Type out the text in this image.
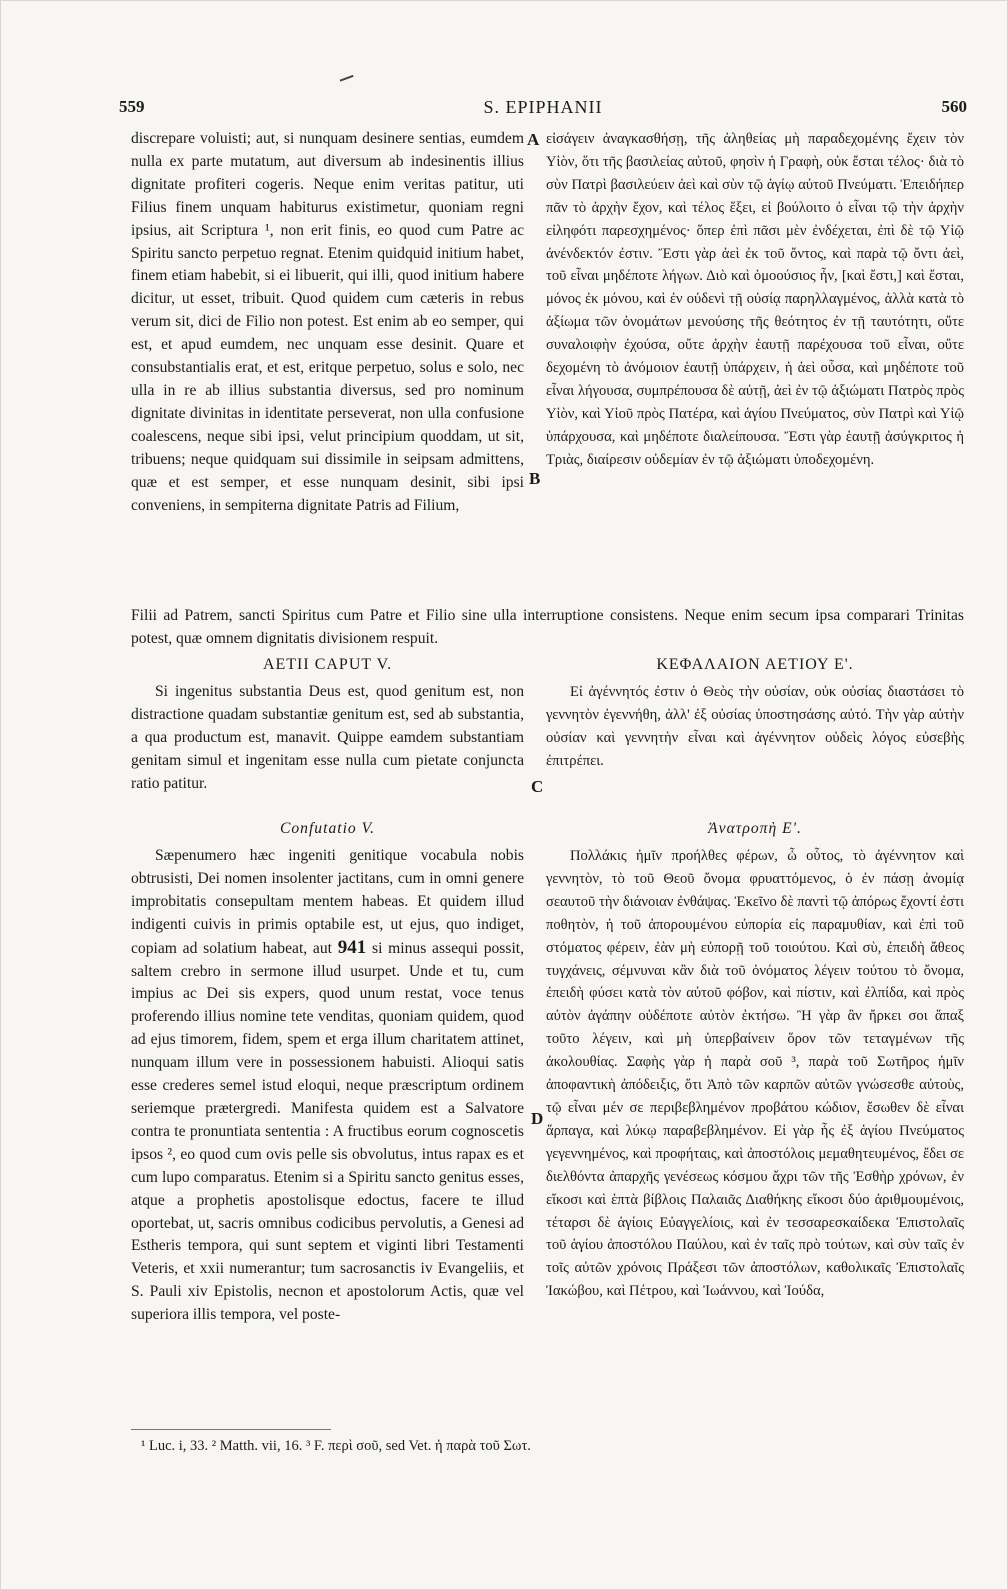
559	S. EPIPHANII	560

discrepare voluisti; aut, si nunquam desinere sentias, eumdem nulla ex parte mutatum, aut diversum ab indesinentis illius dignitate profiteri cogeris. Neque enim veritas patitur, uti Filius finem unquam habiturus existimetur, quoniam regni ipsius, ait Scriptura ¹, non erit finis, eo quod cum Patre ac Spiritu sancto perpetuo regnat. Etenim quidquid initium habet, finem etiam habebit, si ei libuerit, qui illi, quod initium habere dicitur, ut esset, tribuit. Quod quidem cum cæteris in rebus verum sit, dici de Filio non potest. Est enim ab eo semper, qui est, et apud eumdem, nec unquam esse desinit. Quare et consubstantialis erat, et est, eritque perpetuo, solus e solo, nec ulla in re ab illius substantia diversus, sed pro nominum dignitate divinitas in identitate perseverat, non ulla confusione coalescens, neque sibi ipsi, velut principium quoddam, ut sit, tribuens; neque quidquam sui dissimile in seipsam admittens, quæ et est semper, et esse nunquam desinit, sibi ipsi conveniens, in sempiterna dignitate Patris ad Filium,

εἰσάγειν ἀναγκασθήσῃ, τῆς ἀληθείας μὴ παραδεχομένης ἔχειν τὸν Υἱὸν, ὅτι τῆς βασιλείας αὐτοῦ, φησὶν ἡ Γραφὴ, οὐκ ἔσται τέλος· διὰ τὸ σὺν Πατρὶ βασιλεύειν ἀεὶ καὶ σὺν τῷ ἁγίῳ αὐτοῦ Πνεύματι. Ἐπειδήπερ πᾶν τὸ ἀρχὴν ἔχον, καὶ τέλος ἕξει, εἰ βούλοιτο ὁ εἶναι τῷ τὴν ἀρχὴν εἰληφότι παρεσχημένος· ὅπερ ἐπὶ πᾶσι μὲν ἐνδέχεται, ἐπὶ δὲ τῷ Υἱῷ ἀνένδεκτόν ἐστιν. Ἔστι γὰρ ἀεὶ ἐκ τοῦ ὄντος, καὶ παρὰ τῷ ὄντι ἀεὶ, τοῦ εἶναι μηδέποτε λήγων. Διὸ καὶ ὁμοούσιος ἦν, [καὶ ἔστι,] καὶ ἔσται, μόνος ἐκ μόνου, καὶ ἐν οὐδενὶ τῇ οὐσίᾳ παρηλλαγμένος, ἀλλὰ κατὰ τὸ ἀξίωμα τῶν ὀνομάτων μενούσης τῆς θεότητος ἐν τῇ ταυτότητι, οὔτε συναλοιφὴν ἐχούσα, οὔτε ἀρχὴν ἑαυτῇ παρέχουσα τοῦ εἶναι, οὔτε δεχομένη τὸ ἀνόμοιον ἑαυτῇ ὑπάρχειν, ἡ ἀεὶ οὖσα, καὶ μηδέποτε τοῦ εἶναι λήγουσα, συμπρέπουσα δὲ αὐτῇ, ἀεὶ ἐν τῷ ἀξιώματι Πατρὸς πρὸς Υἱὸν, καὶ Υἱοῦ πρὸς Πατέρα, καὶ ἁγίου Πνεύματος, σὺν Πατρὶ καὶ Υἱῷ ὑπάρχουσα, καὶ μηδέποτε διαλείπουσα. Ἔστι γὰρ ἑαυτῇ ἀσύγκριτος ἡ Τριὰς, διαίρεσιν οὐδεμίαν ἐν τῷ ἀξιώματι ὑποδεχομένη.

A
B

Filii ad Patrem, sancti Spiritus cum Patre et Filio sine ulla interruptione consistens. Neque enim secum ipsa comparari Trinitas potest, quæ omnem dignitatis divisionem respuit.

AETII CAPUT V.	ΚΕΦΑΛΑΙΟΝ ΑΕΤΙΟΥ Ε'.

Si ingenitus substantia Deus est, quod genitum est, non distractione quadam substantiæ genitum est, sed ab substantia, a qua productum est, manavit. Quippe eamdem substantiam genitam simul et ingenitam esse nulla cum pietate conjuncta ratio patitur.

Εἰ ἀγέννητός ἐστιν ὁ Θεὸς τὴν οὐσίαν, οὐκ οὐσίας διαστάσει τὸ γεννητὸν ἐγεννήθη, ἀλλ' ἐξ οὐσίας ὑποστησάσης αὐτό. Τὴν γὰρ αὐτὴν οὐσίαν καὶ γεννητὴν εἶναι καὶ ἀγέννητον οὐδεὶς λόγος εὐσεβὴς ἐπιτρέπει.

C
Confutatio V.	Ἀνατροπὴ Ε'.

Sæpenumero hæc ingeniti genitique vocabula nobis obtrusisti, Dei nomen insolenter jactitans, cum in omni genere improbitatis consepultam mentem habeas. Et quidem illud indigenti cuivis in primis optabile est, ut ejus, quo indiget, copiam ad solatium habeat, aut 941 si minus assequi possit, saltem crebro in sermone illud usurpet. Unde et tu, cum impius ac Dei sis expers, quod unum restat, voce tenus proferendo illius nomine tete venditas, quoniam quidem, quod ad ejus timorem, fidem, spem et erga illum charitatem attinet, nunquam illum vere in possessionem habuisti. Alioqui satis esse crederes semel istud eloqui, neque præscriptum ordinem seriemque prætergredi. Manifesta quidem est a Salvatore contra te pronuntiata sententia : A fructibus eorum cognoscetis ipsos ², eo quod cum ovis pelle sis obvolutus, intus rapax es et cum lupo comparatus. Etenim si a Spiritu sancto genitus esses, atque a prophetis apostolisque edoctus, facere te illud oportebat, ut, sacris omnibus codicibus pervolutis, a Genesi ad Estheris tempora, qui sunt septem et viginti libri Testamenti Veteris, et xxii numerantur; tum sacrosanctis iv Evangeliis, et S. Pauli xiv Epistolis, necnon et apostolorum Actis, quæ vel superiora illis tempora, vel poste-

Πολλάκις ἡμῖν προήλθες φέρων, ὦ οὗτος, τὸ ἀγέννητον καὶ γεννητὸν, τὸ τοῦ Θεοῦ ὄνομα φρυαττόμενος, ὁ ἐν πάσῃ ἀνομίᾳ σεαυτοῦ τὴν διάνοιαν ἐνθάψας. Ἐκεῖνο δὲ παντὶ τῷ ἀπόρως ἔχοντί ἐστι ποθητὸν, ἡ τοῦ ἀπορουμένου εὐπορία εἰς παραμυθίαν, καὶ ἐπὶ τοῦ στόματος φέρειν, ἐὰν μὴ εὐπορῇ τοῦ τοιούτου. Καὶ σὺ, ἐπειδὴ ἄθεος τυγχάνεις, σέμνυναι κἂν διὰ τοῦ ὀνόματος λέγειν τούτου τὸ ὄνομα, ἐπειδὴ φύσει κατὰ τὸν αὐτοῦ φόβον, καὶ πίστιν, καὶ ἐλπίδα, καὶ πρὸς αὐτὸν ἀγάπην οὐδέποτε αὐτὸν ἐκτήσω. Ἢ γὰρ ἂν ἤρκει σοι ἅπαξ τοῦτο λέγειν, καὶ μὴ ὑπερβαίνειν ὅρον τῶν τεταγμένων τῆς ἀκολουθίας. Σαφὴς γὰρ ἡ παρὰ σοῦ ³, παρὰ τοῦ Σωτῆρος ἡμῖν ἀποφαντικὴ ἀπόδειξις, ὅτι Ἀπὸ τῶν καρπῶν αὐτῶν γνώσεσθε αὐτοὺς, τῷ εἶναι μέν σε περιβεβλημένον προβάτου κώδιον, ἔσωθεν δὲ εἶναι ἅρπαγα, καὶ λύκῳ παραβεβλημένον. Εἰ γὰρ ἧς ἐξ ἁγίου Πνεύματος γεγεννημένος, καὶ προφήταις, καὶ ἀποστόλοις μεμαθητευμένος, ἔδει σε διελθόντα ἀπαρχῆς γενέσεως κόσμου ἄχρι τῶν τῆς Ἐσθὴρ χρόνων, ἐν εἴκοσι καὶ ἑπτὰ βίβλοις Παλαιᾶς Διαθήκης εἴκοσι δύο ἀριθμουμένοις, τέταρσι δὲ ἁγίοις Εὐαγγελίοις, καὶ ἐν τεσσαρεσκαίδεκα Ἐπιστολαῖς τοῦ ἁγίου ἀποστόλου Παύλου, καὶ ἐν ταῖς πρὸ τούτων, καὶ σὺν ταῖς ἐν τοῖς αὐτῶν χρόνοις Πράξεσι τῶν ἀποστόλων, καθολικαῖς Ἐπιστολαῖς Ἰακώβου, καὶ Πέτρου, καὶ Ἰωάννου, καὶ Ἰούδα,

D
¹ Luc. i, 33. ² Matth. vii, 16. ³ F. περὶ σοῦ, sed Vet. ἡ παρὰ τοῦ Σωτ.
